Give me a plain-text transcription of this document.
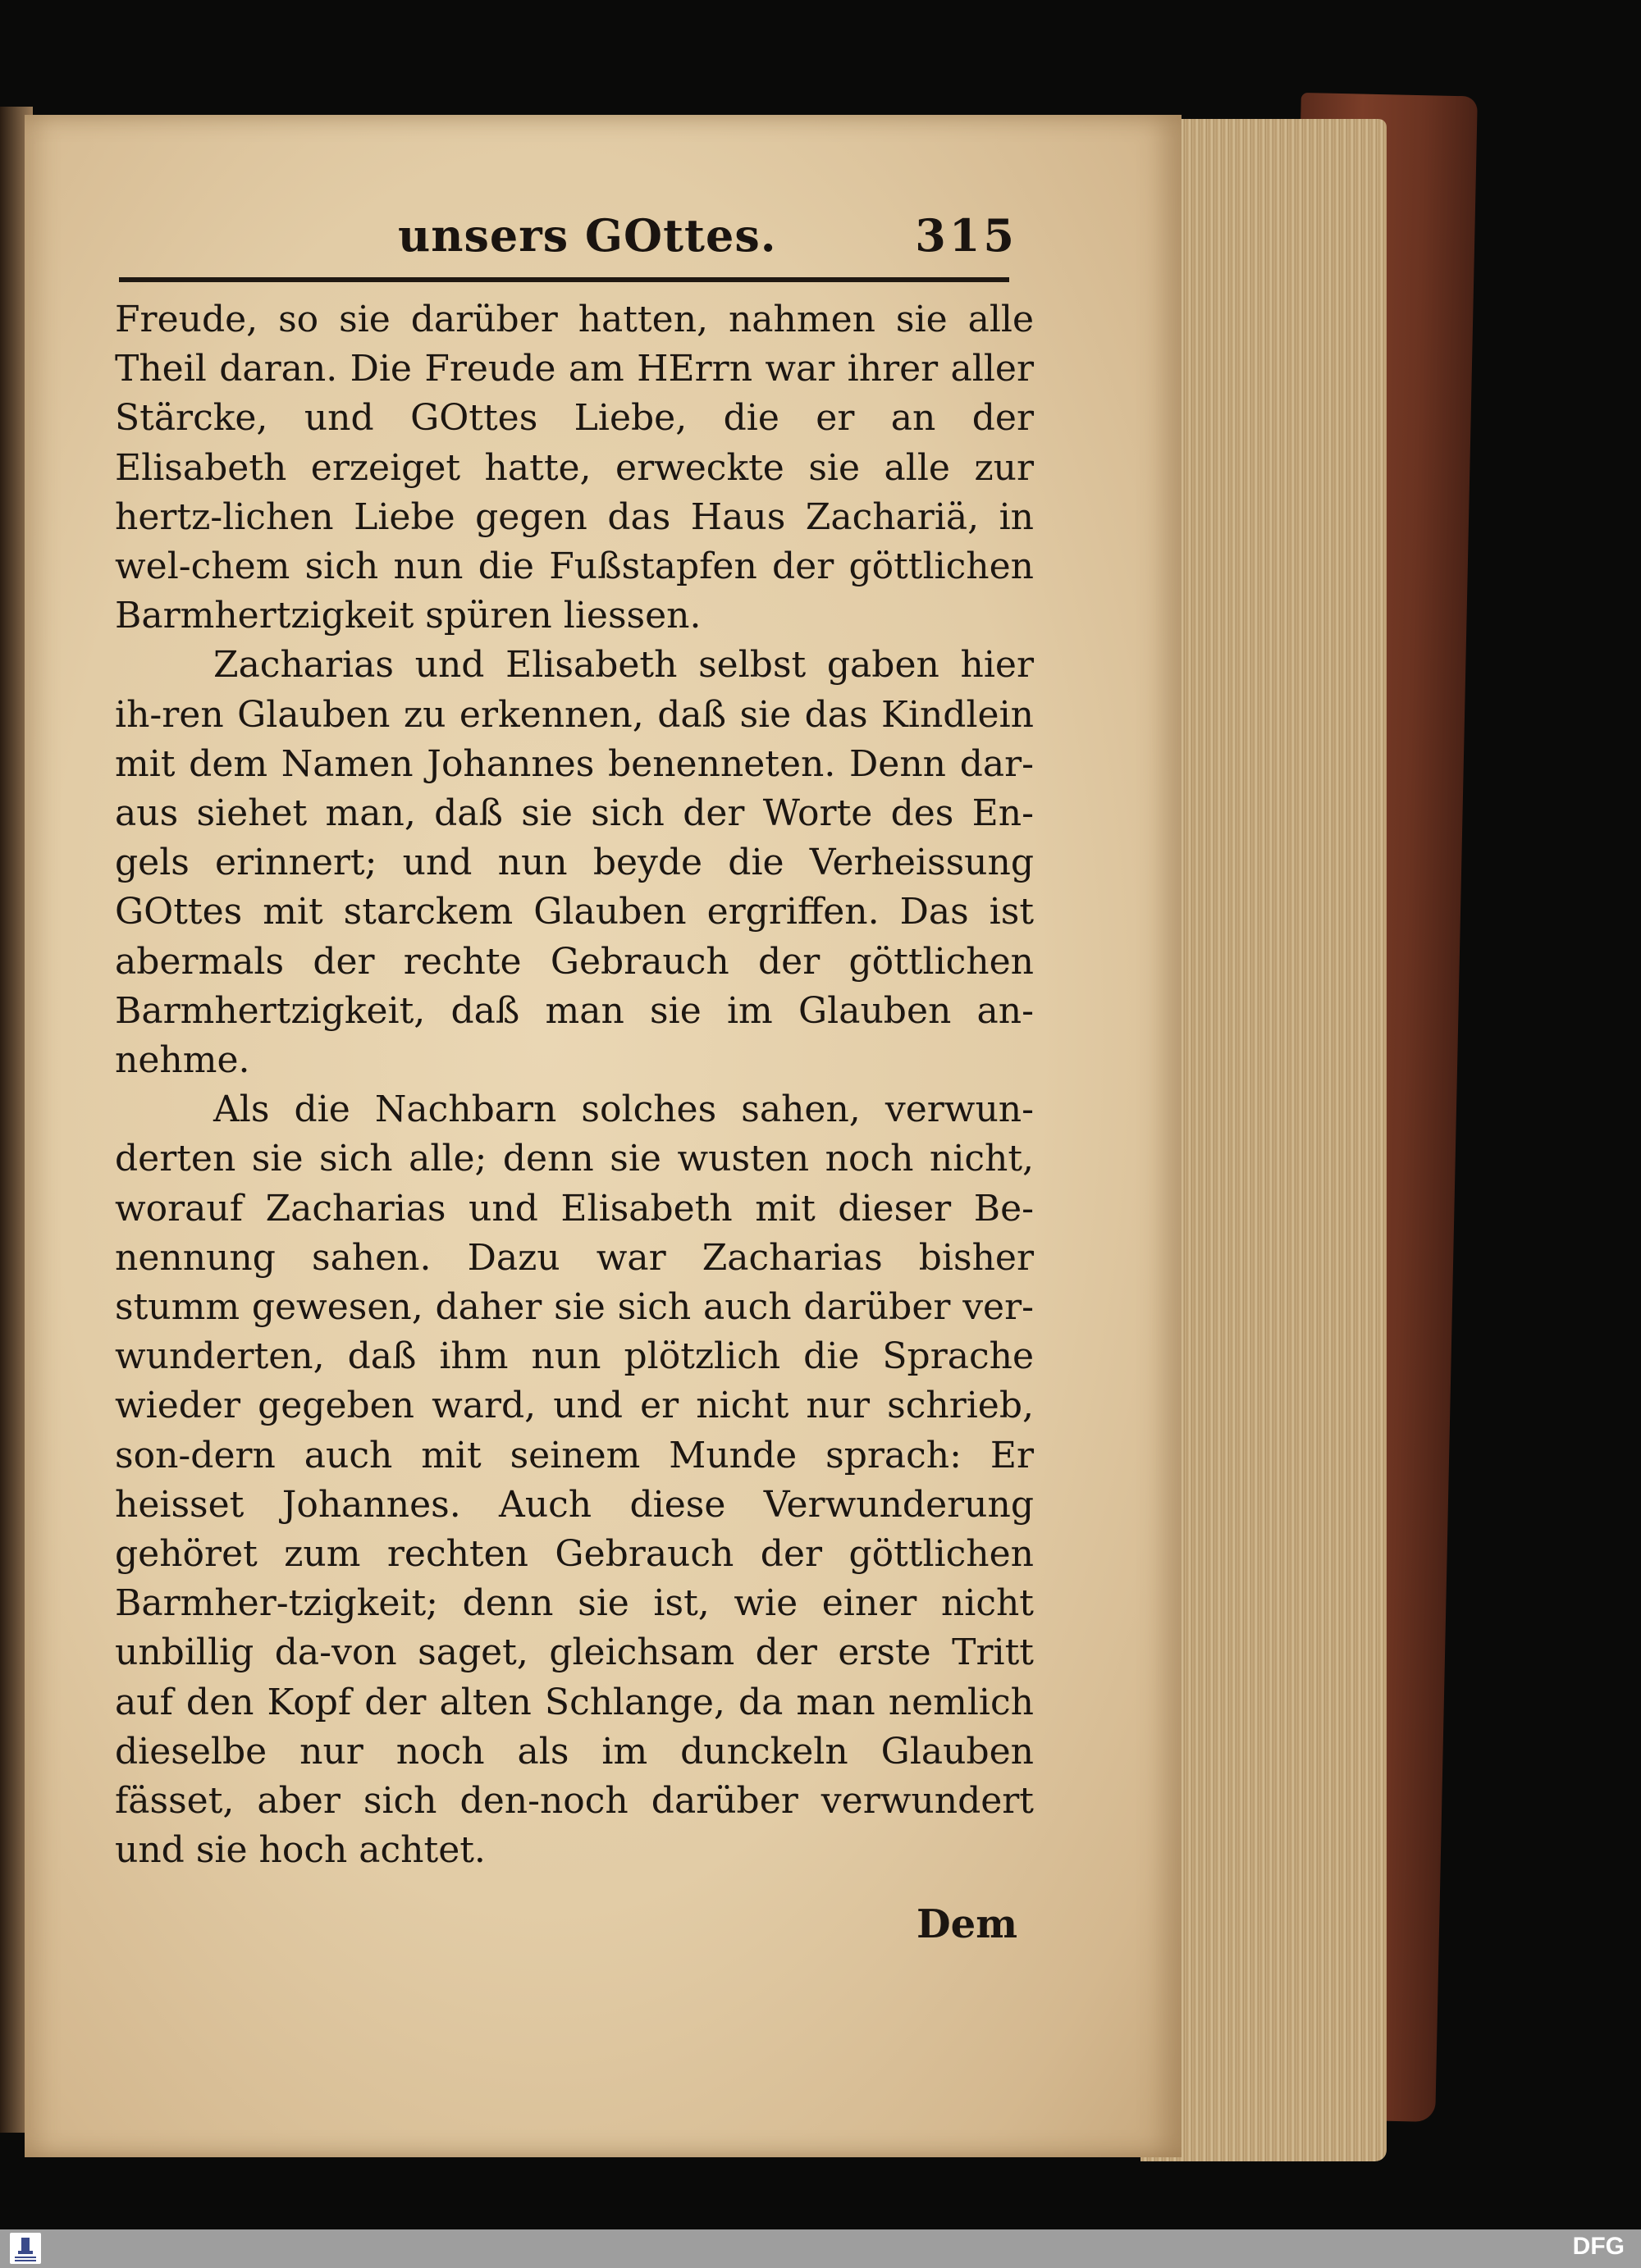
unsers GOttes.	315

Freude, so sie darüber hatten, nahmen sie alle Theil daran. Die Freude am HErrn war ihrer aller Stärcke, und GOttes Liebe, die er an der Elisabeth erzeiget hatte, erweckte sie alle zur hertz-lichen Liebe gegen das Haus Zachariä, in wel-chem sich nun die Fußstapfen der göttlichen Barmhertzigkeit spüren liessen.

Zacharias und Elisabeth selbst gaben hier ih-ren Glauben zu erkennen, daß sie das Kindlein mit dem Namen Johannes benenneten. Denn dar-aus siehet man, daß sie sich der Worte des En-gels erinnert; und nun beyde die Verheissung GOttes mit starckem Glauben ergriffen. Das ist abermals der rechte Gebrauch der göttlichen Barmhertzigkeit, daß man sie im Glauben an-nehme.

Als die Nachbarn solches sahen, verwun-derten sie sich alle; denn sie wusten noch nicht, worauf Zacharias und Elisabeth mit dieser Be-nennung sahen. Dazu war Zacharias bisher stumm gewesen, daher sie sich auch darüber ver-wunderten, daß ihm nun plötzlich die Sprache wieder gegeben ward, und er nicht nur schrieb, son-dern auch mit seinem Munde sprach: Er heisset Johannes. Auch diese Verwunderung gehöret zum rechten Gebrauch der göttlichen Barmher-tzigkeit; denn sie ist, wie einer nicht unbillig da-von saget, gleichsam der erste Tritt auf den Kopf der alten Schlange, da man nemlich dieselbe nur noch als im dunckeln Glauben fässet, aber sich den-noch darüber verwundert und sie hoch achtet.

Dem
DFG
